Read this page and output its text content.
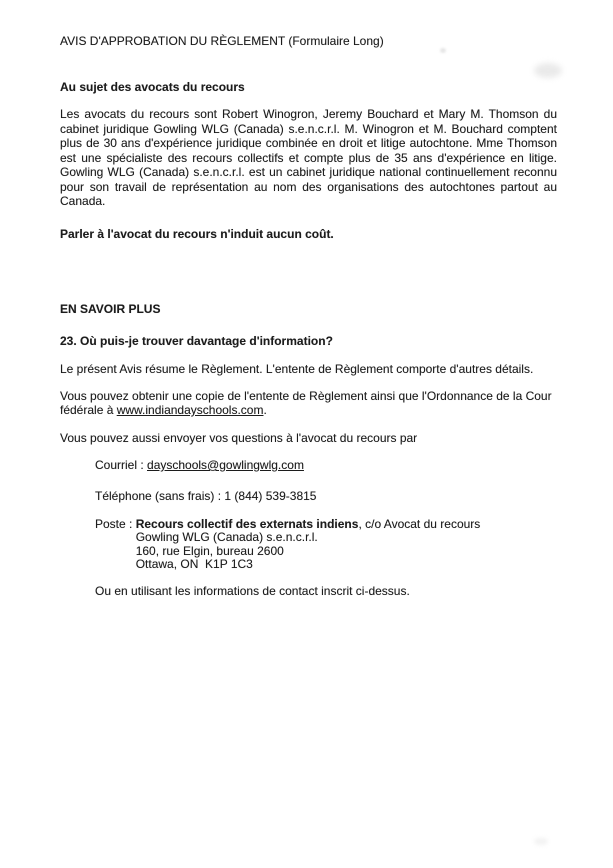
AVIS D'APPROBATION DU RÈGLEMENT (Formulaire Long)

Au sujet des avocats du recours

Les avocats du recours sont Robert Winogron, Jeremy Bouchard et Mary M. Thomson du cabinet juridique Gowling WLG (Canada) s.e.n.c.r.l. M. Winogron et M. Bouchard comptent plus de 30 ans d'expérience juridique combinée en droit et litige autochtone. Mme Thomson est une spécialiste des recours collectifs et compte plus de 35 ans d'expérience en litige. Gowling WLG (Canada) s.e.n.c.r.l. est un cabinet juridique national continuellement reconnu pour son travail de représentation au nom des organisations des autochtones partout au Canada.

Parler à l'avocat du recours n'induit aucun coût.

EN SAVOIR PLUS

23. Où puis-je trouver davantage d'information?

Le présent Avis résume le Règlement. L'entente de Règlement comporte d'autres détails.

Vous pouvez obtenir une copie de l'entente de Règlement ainsi que l'Ordonnance de la Cour fédérale à www.indiandayschools.com.

Vous pouvez aussi envoyer vos questions à l'avocat du recours par

Courriel : dayschools@gowlingwlg.com

Téléphone (sans frais) : 1 (844) 539-3815

Poste : Recours collectif des externats indiens, c/o Avocat du recours
Gowling WLG (Canada) s.e.n.c.r.l.
160, rue Elgin, bureau 2600
Ottawa, ON  K1P 1C3

Ou en utilisant les informations de contact inscrit ci-dessus.
